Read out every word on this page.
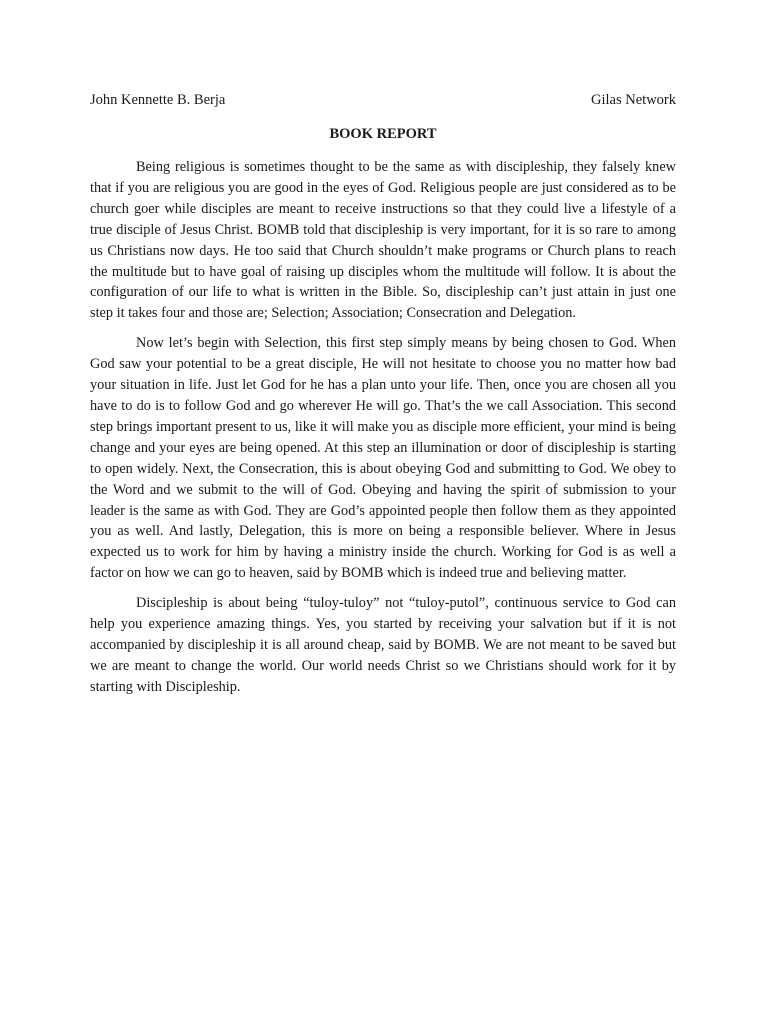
John Kennette B. Berja	Gilas Network
BOOK REPORT

Being religious is sometimes thought to be the same as with discipleship, they falsely knew that if you are religious you are good in the eyes of God. Religious people are just considered as to be church goer while disciples are meant to receive instructions so that they could live a lifestyle of a true disciple of Jesus Christ. BOMB told that discipleship is very important, for it is so rare to among us Christians now days. He too said that Church shouldn’t make programs or Church plans to reach the multitude but to have goal of raising up disciples whom the multitude will follow. It is about the configuration of our life to what is written in the Bible. So, discipleship can’t just attain in just one step it takes four and those are; Selection; Association; Consecration and Delegation.

Now let’s begin with Selection, this first step simply means by being chosen to God. When God saw your potential to be a great disciple, He will not hesitate to choose you no matter how bad your situation in life. Just let God for he has a plan unto your life. Then, once you are chosen all you have to do is to follow God and go wherever He will go. That’s the we call Association. This second step brings important present to us, like it will make you as disciple more efficient, your mind is being change and your eyes are being opened. At this step an illumination or door of discipleship is starting to open widely. Next, the Consecration, this is about obeying God and submitting to God. We obey to the Word and we submit to the will of God. Obeying and having the spirit of submission to your leader is the same as with God. They are God’s appointed people then follow them as they appointed you as well. And lastly, Delegation, this is more on being a responsible believer. Where in Jesus expected us to work for him by having a ministry inside the church. Working for God is as well a factor on how we can go to heaven, said by BOMB which is indeed true and believing matter.

Discipleship is about being “tuloy-tuloy” not “tuloy-putol”, continuous service to God can help you experience amazing things. Yes, you started by receiving your salvation but if it is not accompanied by discipleship it is all around cheap, said by BOMB. We are not meant to be saved but we are meant to change the world. Our world needs Christ so we Christians should work for it by starting with Discipleship.
